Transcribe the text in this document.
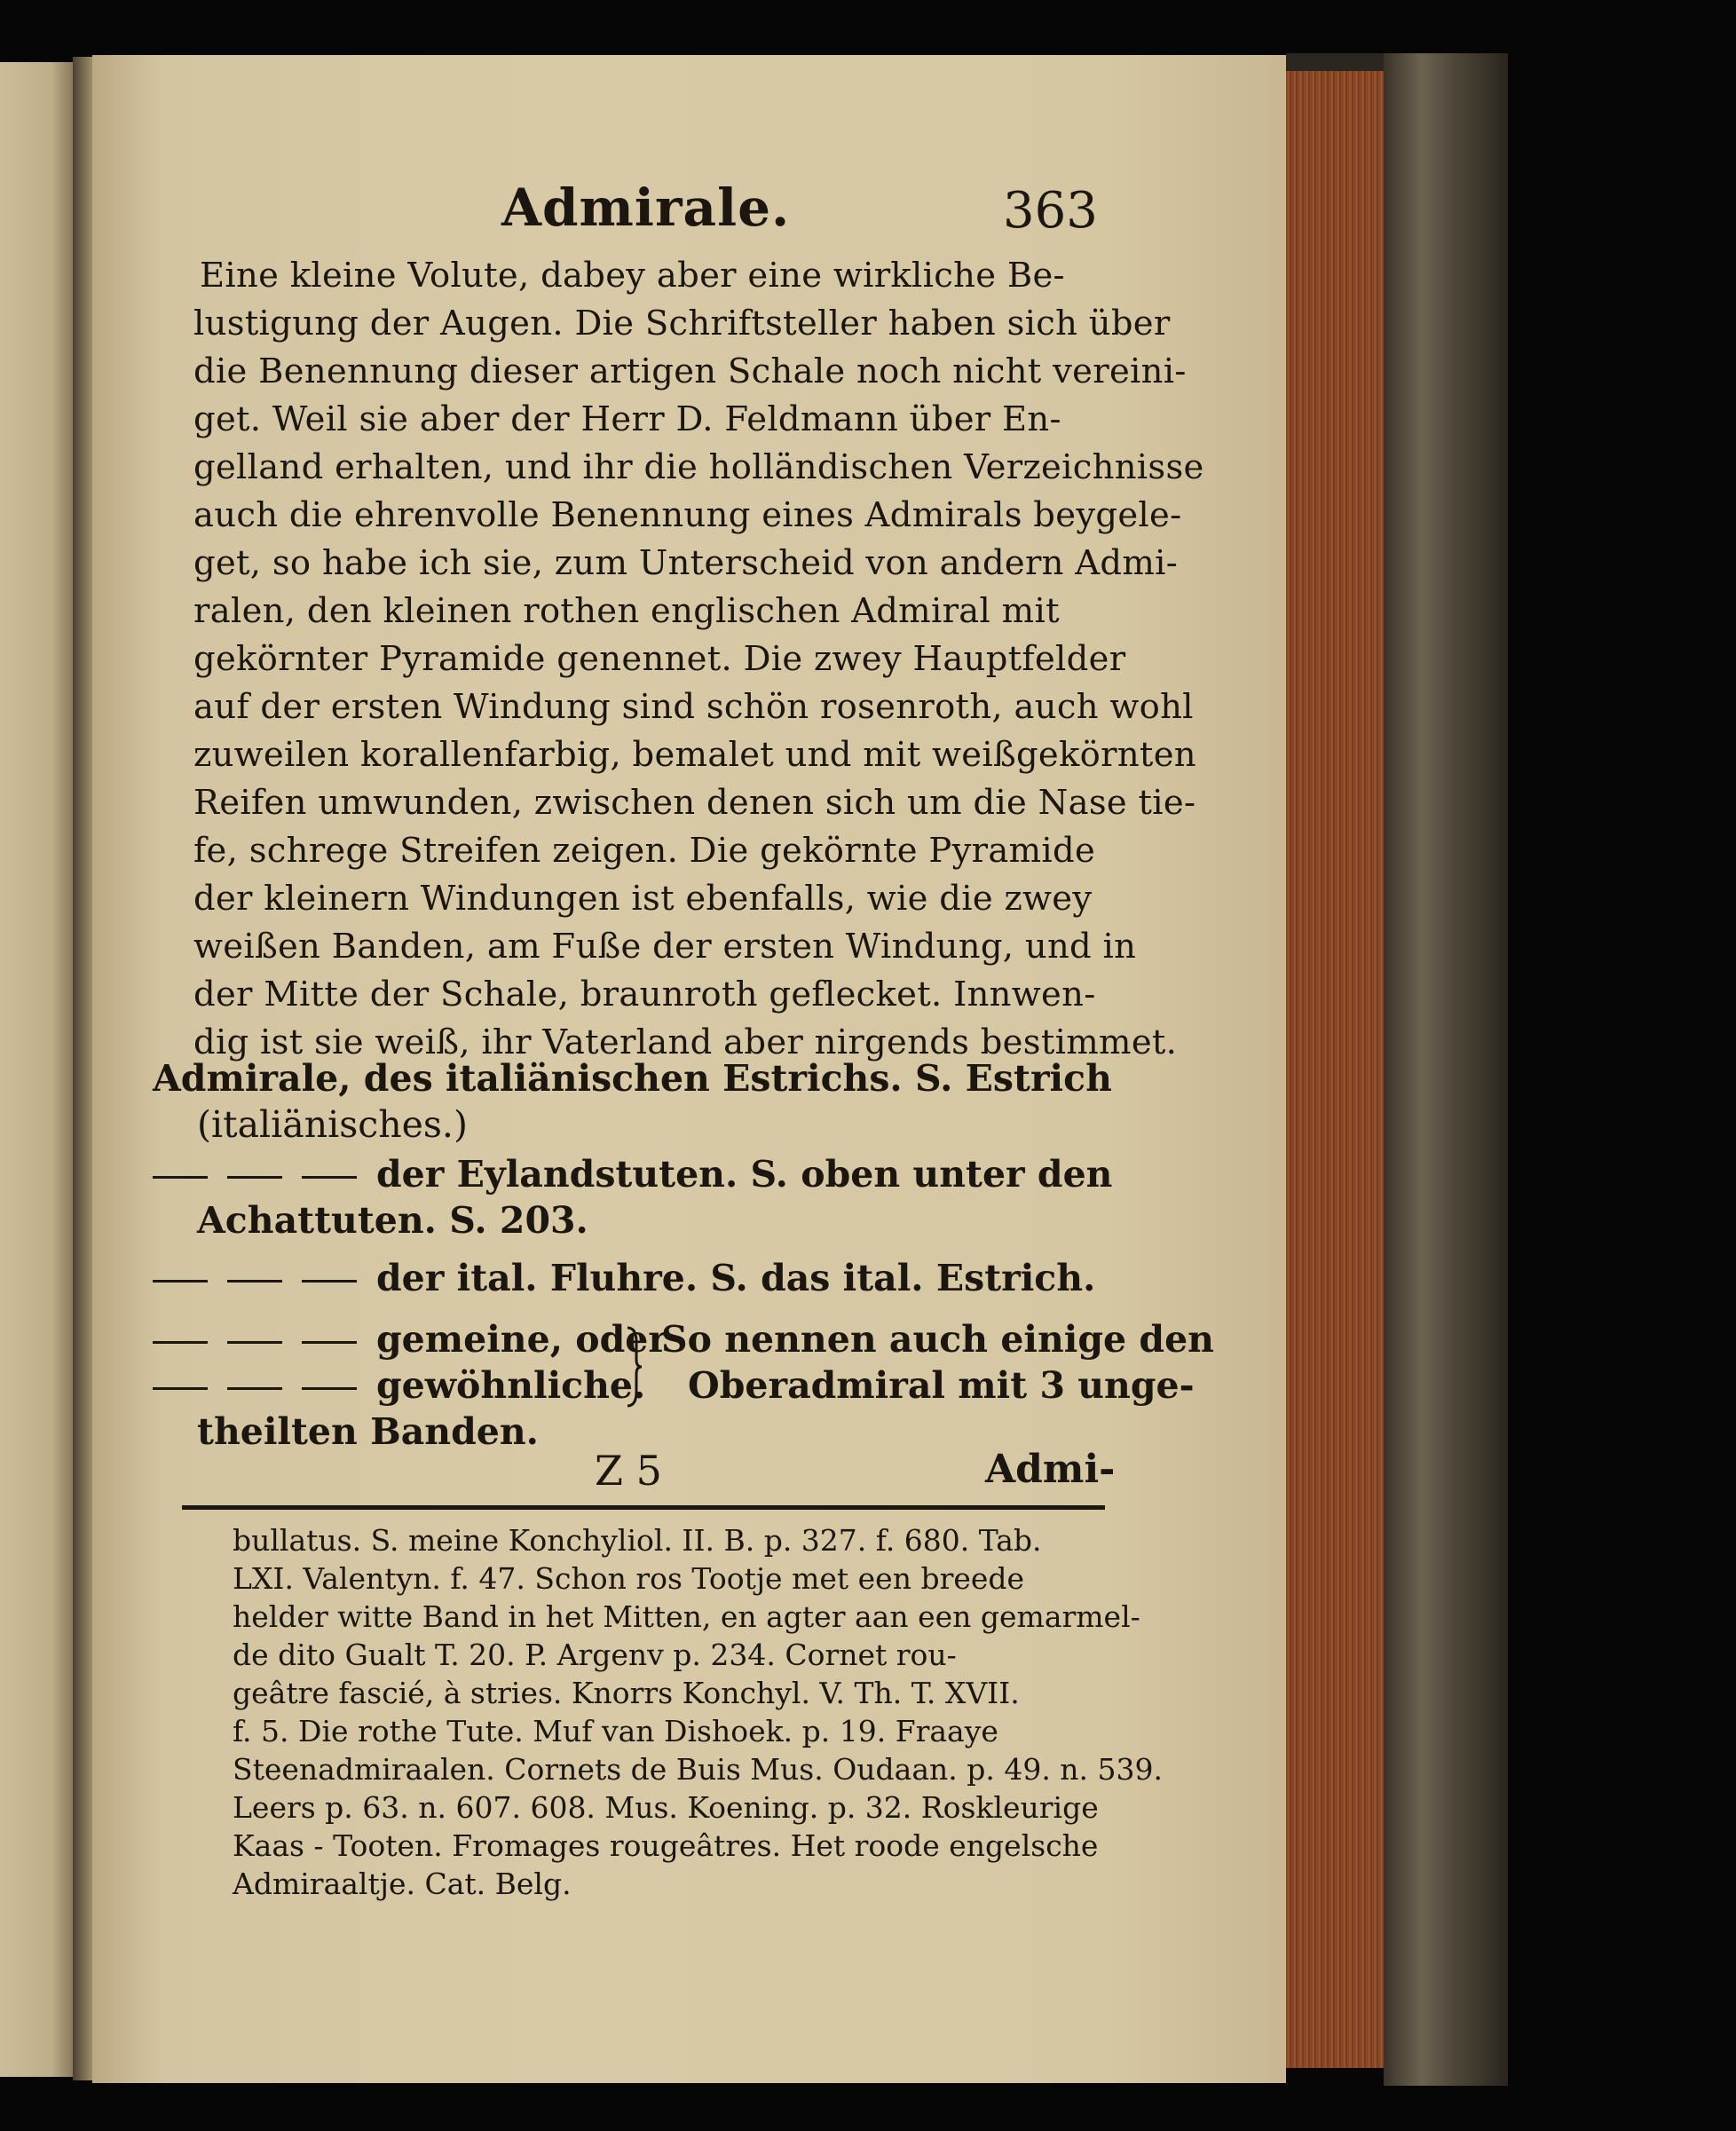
Admirale.	363
Eine kleine Volute, dabey aber eine wirkliche Be-
lustigung der Augen. Die Schriftsteller haben sich über
die Benennung dieser artigen Schale noch nicht vereini-
get. Weil sie aber der Herr D. Feldmann über En-
gelland erhalten, und ihr die holländischen Verzeichnisse
auch die ehrenvolle Benennung eines Admirals beygele-
get, so habe ich sie, zum Unterscheid von andern Admi-
ralen, den kleinen rothen englischen Admiral mit
gekörnter Pyramide genennet. Die zwey Hauptfelder
auf der ersten Windung sind schön rosenroth, auch wohl
zuweilen korallenfarbig, bemalet und mit weißgekörnten
Reifen umwunden, zwischen denen sich um die Nase tie-
fe, schrege Streifen zeigen. Die gekörnte Pyramide
der kleinern Windungen ist ebenfalls, wie die zwey
weißen Banden, am Fuße der ersten Windung, und in
der Mitte der Schale, braunroth geflecket. Innwen-
dig ist sie weiß, ihr Vaterland aber nirgends bestimmet.
Admirale, des italiänischen Estrichs. S. Estrich
(italiänisches.)
der Eylandstuten. S. oben unter den
Achattuten. S. 203.
der ital. Fluhre. S. das ital. Estrich.
gemeine, oder
gewöhnliche.
So nennen auch einige den
Oberadmiral mit 3 unge-
theilten Banden.
Z 5	Admi-
bullatus. S. meine Konchyliol. II. B. p. 327. f. 680. Tab.
LXI. Valentyn. f. 47. Schon ros Tootje met een breede
helder witte Band in het Mitten, en agter aan een gemarmel-
de dito Gualt T. 20. P. Argenv p. 234. Cornet rou-
geâtre fascié, à stries. Knorrs Konchyl. V. Th. T. XVII.
f. 5. Die rothe Tute. Muf van Dishoek. p. 19. Fraaye
Steenadmiraalen. Cornets de Buis Mus. Oudaan. p. 49. n. 539.
Leers p. 63. n. 607. 608. Mus. Koening. p. 32. Roskleurige
Kaas - Tooten. Fromages rougeâtres. Het roode engelsche
Admiraaltje. Cat. Belg.
